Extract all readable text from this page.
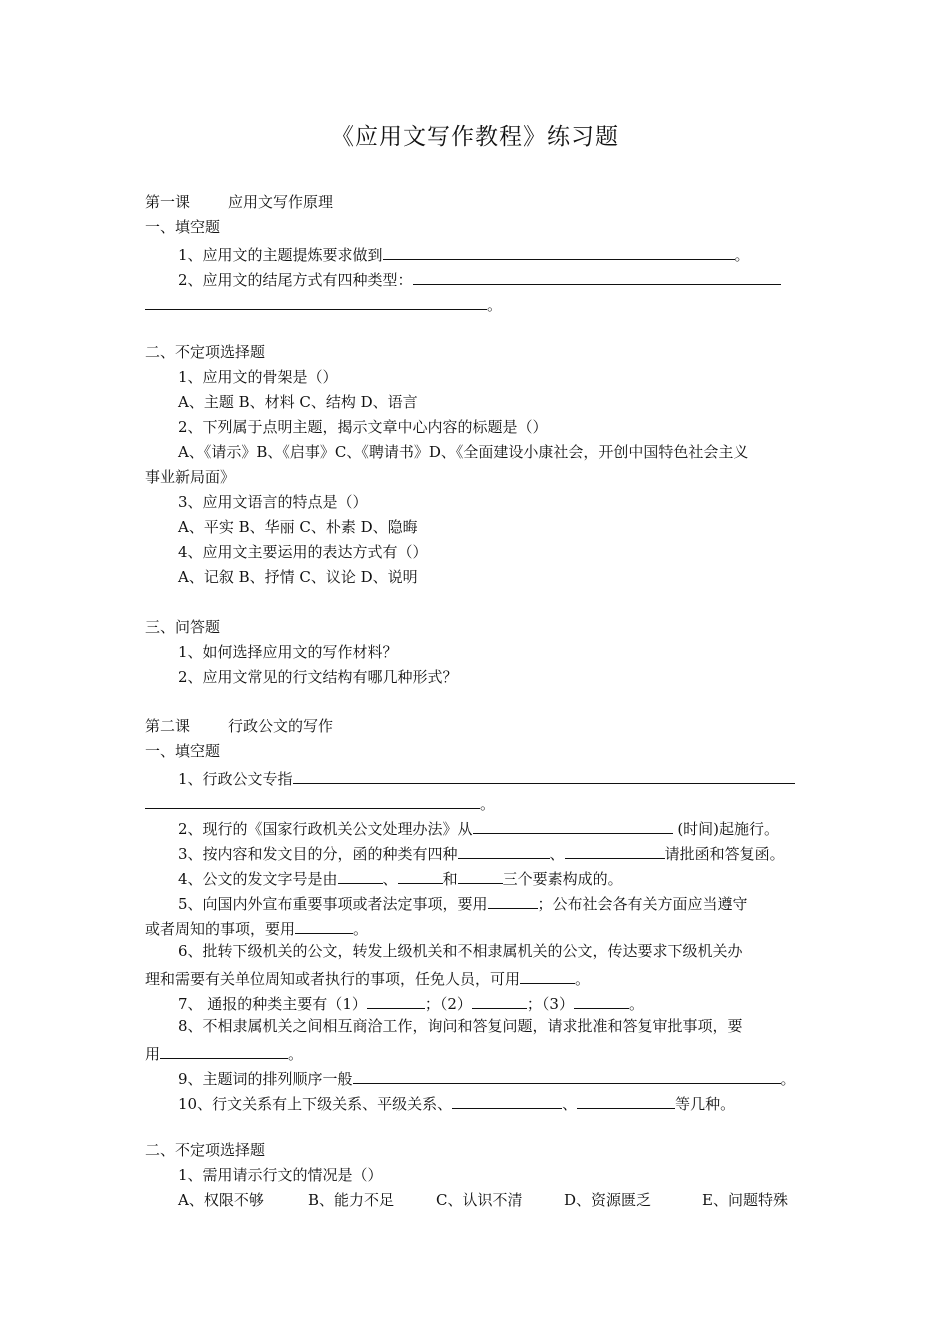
《应用文写作教程》练习题
第一课	应用文写作原理
一、填空题
1、应用文的主题提炼要求做到	。
2、应用文的结尾方式有四种类型：
。
二、不定项选择题
1、应用文的骨架是（）
A、主题 B、材料 C、结构 D、语言
2、下列属于点明主题，揭示文章中心内容的标题是（）
A、《请示》B、《启事》C、《聘请书》D、《全面建设小康社会，开创中国特色社会主义
事业新局面》
3、应用文语言的特点是（）
A、平实 B、华丽 C、朴素 D、隐晦
4、应用文主要运用的表达方式有（）
A、记叙 B、抒情 C、议论 D、说明
三、问答题
1、如何选择应用文的写作材料？
2、应用文常见的行文结构有哪几种形式？
第二课	行政公文的写作
一、填空题
1、行政公文专指
。
2、现行的《国家行政机关公文处理办法》从	(时间)起施行。
3、按内容和发文目的分，函的种类有四种	、	请批函和答复函。
4、公文的发文字号是由	、	和	三个要素构成的。
5、向国内外宣布重要事项或者法定事项，要用	；公布社会各有关方面应当遵守
或者周知的事项，要用	。
6、批转下级机关的公文，转发上级机关和不相隶属机关的公文，传达要求下级机关办
理和需要有关单位周知或者执行的事项，任免人员，可用	。
7、 通报的种类主要有（1）	；（2）	；（3）	。
8、不相隶属机关之间相互商洽工作，询问和答复问题，请求批准和答复审批事项，要
用	。
9、主题词的排列顺序一般	。
10、行文关系有上下级关系、平级关系、	、	等几种。
二、不定项选择题
1、需用请示行文的情况是（）
A、权限不够	B、能力不足	C、认识不清	D、资源匮乏	E、问题特殊
